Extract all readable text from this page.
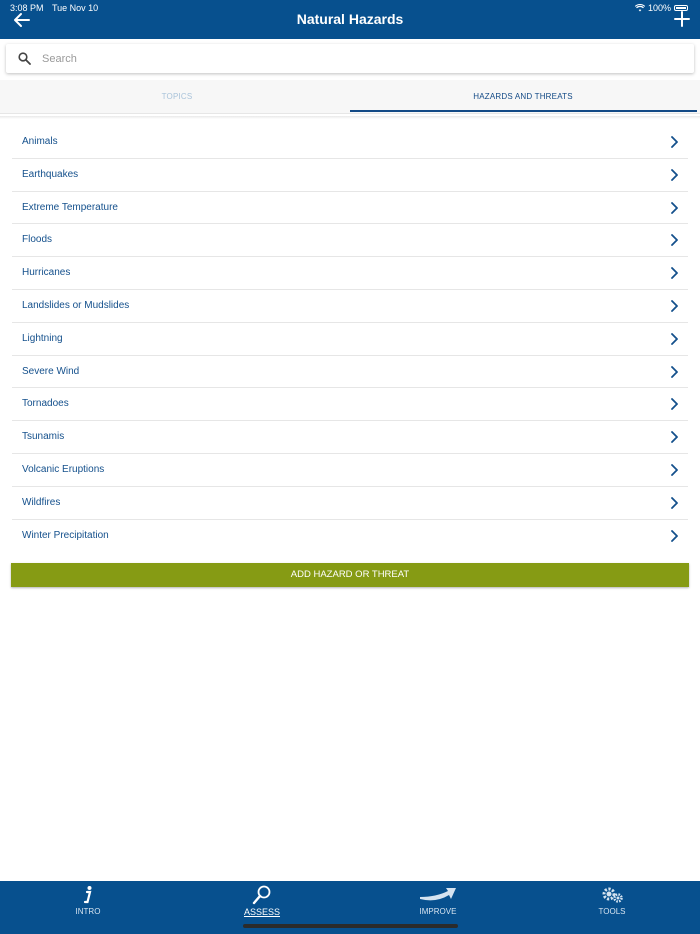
3:08 PM Tue Nov 10	100%
Natural Hazards
Search
TOPICS	HAZARDS AND THREATS
Animals
Earthquakes
Extreme Temperature
Floods
Hurricanes
Landslides or Mudslides
Lightning
Severe Wind
Tornadoes
Tsunamis
Volcanic Eruptions
Wildfires
Winter Precipitation
ADD HAZARD OR THREAT
INTRO	ASSESS	IMPROVE	TOOLS
